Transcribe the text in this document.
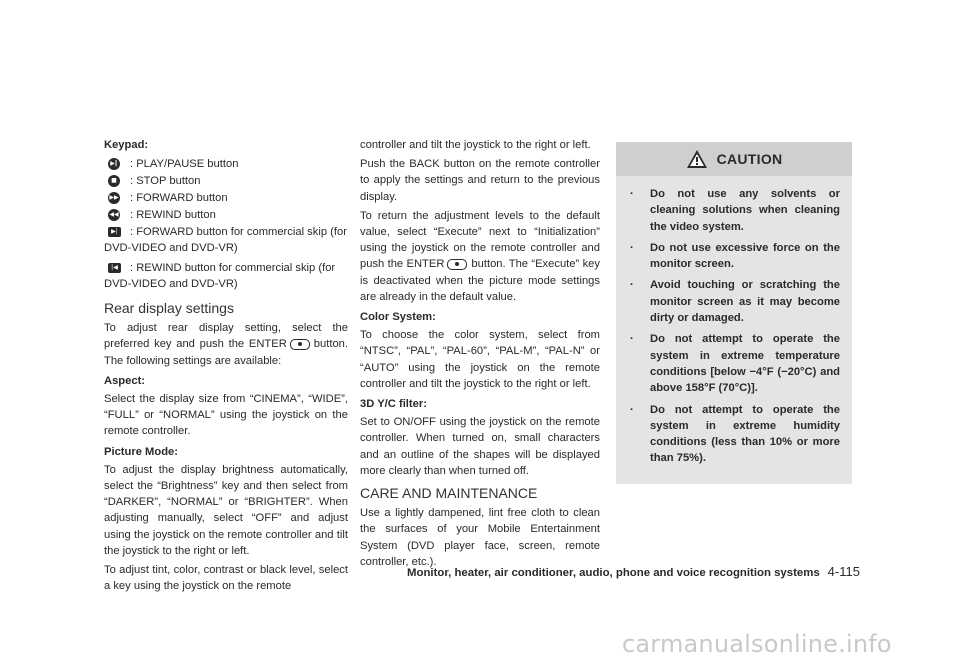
Keypad:
▶‖ : PLAY/PAUSE button
■ : STOP button
▶▶ : FORWARD button
◀◀ : REWIND button

▶| : FORWARD button for commercial skip (for DVD-VIDEO and DVD-VR)

|◀ : REWIND button for commercial skip (for DVD-VIDEO and DVD-VR)

Rear display settings

To adjust rear display setting, select the preferred key and push the ENTER button. The following settings are available:

Aspect:

Select the display size from “CINEMA”, “WIDE”, “FULL” or “NORMAL” using the joystick on the remote controller.

Picture Mode:

To adjust the display brightness automatically, select the “Brightness” key and then select from “DARKER”, “NORMAL” or “BRIGHTER”. When adjusting manually, select “OFF” and adjust using the joystick on the remote controller and tilt the joystick to the right or left.

To adjust tint, color, contrast or black level, select a key using the joystick on the remote

controller and tilt the joystick to the right or left.

Push the BACK button on the remote controller to apply the settings and return to the previous display.

To return the adjustment levels to the default value, select “Execute” next to “Initialization” using the joystick on the remote controller and push the ENTER button. The “Execute” key is deactivated when the picture mode settings are already in the default value.

Color System:

To choose the color system, select from “NTSC”, “PAL”, “PAL-60”, “PAL-M”, “PAL-N” or “AUTO” using the joystick on the remote controller and tilt the joystick to the right or left.

3D Y/C filter:

Set to ON/OFF using the joystick on the remote controller. When turned on, small characters and an outline of the shapes will be displayed more clearly than when turned off.

CARE AND MAINTENANCE

Use a lightly dampened, lint free cloth to clean the surfaces of your Mobile Entertainment System (DVD player face, screen, remote controller, etc.).

CAUTION
. Do not use any solvents or cleaning solutions when cleaning the video system.
. Do not use excessive force on the monitor screen.
. Avoid touching or scratching the monitor screen as it may become dirty or damaged.
. Do not attempt to operate the system in extreme temperature conditions [below −4°F (−20°C) and above 158°F (70°C)].
. Do not attempt to operate the system in extreme humidity conditions (less than 10% or more than 75%).
Monitor, heater, air conditioner, audio, phone and voice recognition systems 4-115
carmanualsonline.info
